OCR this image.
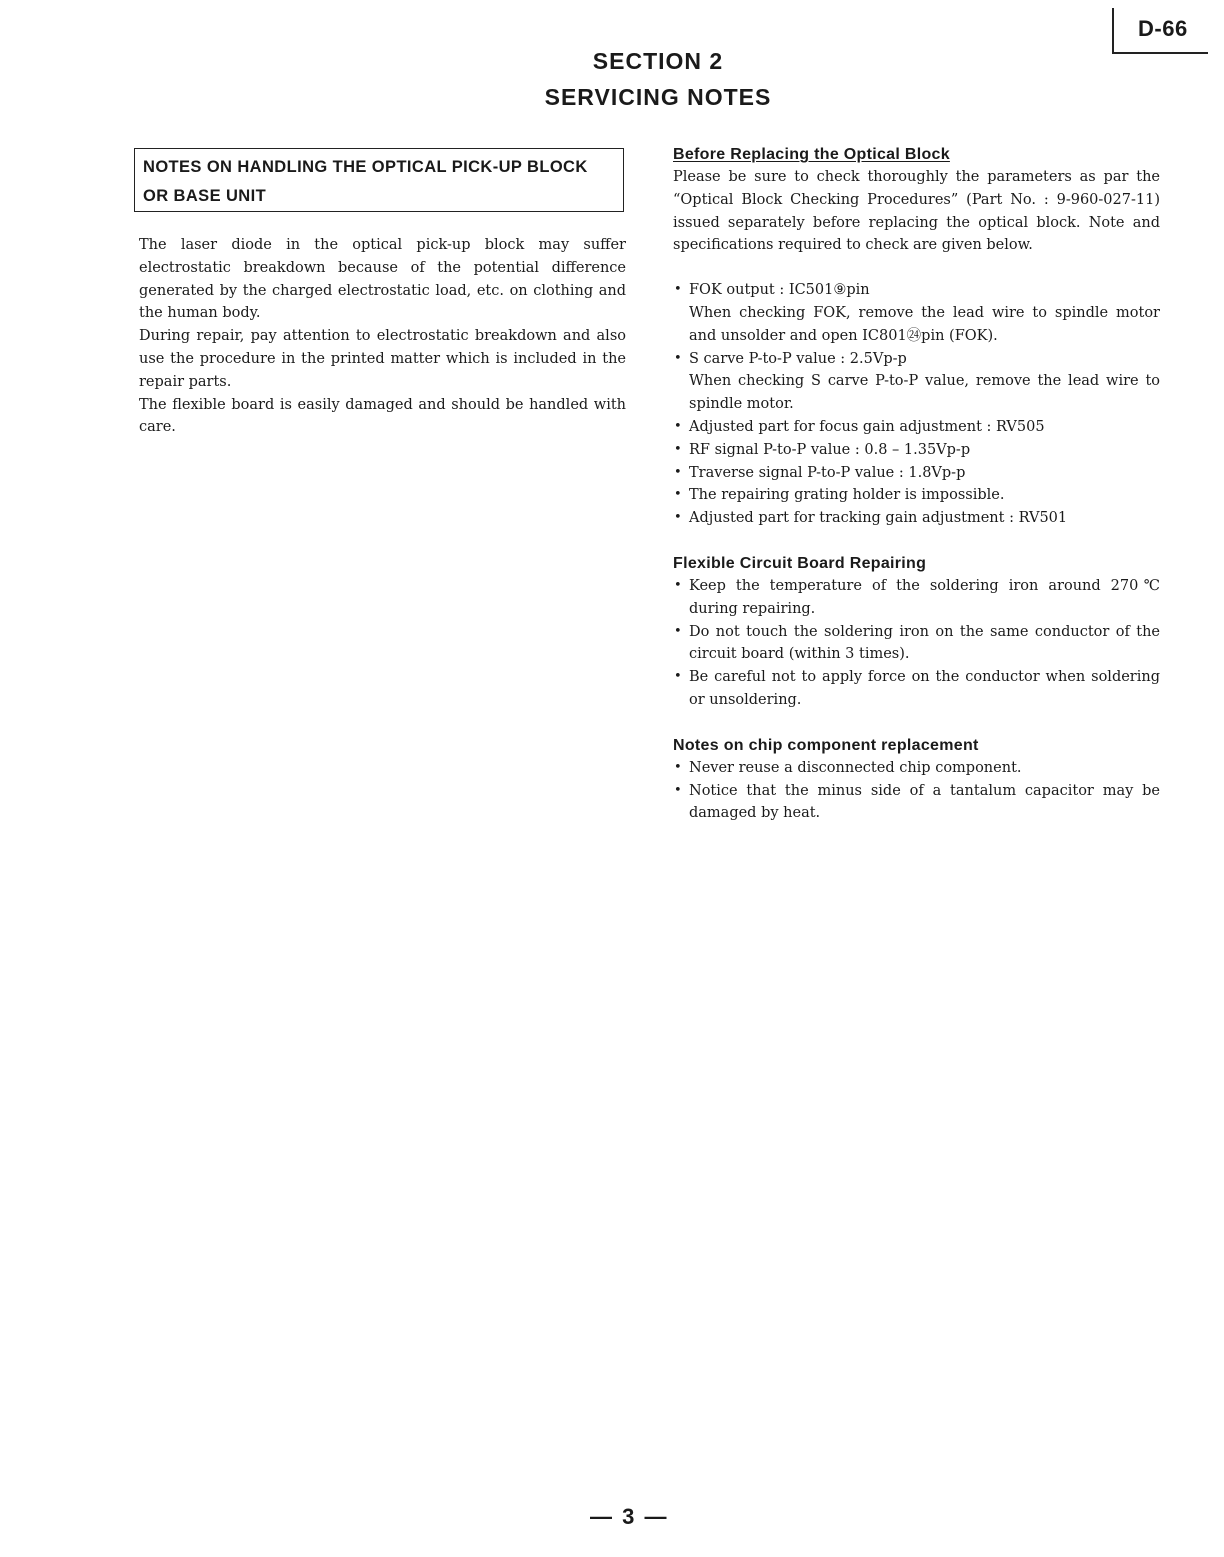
D-66
SECTION 2
SERVICING NOTES
NOTES ON HANDLING THE OPTICAL PICK-UP BLOCK
OR BASE UNIT

The laser diode in the optical pick-up block may suffer electrostatic breakdown because of the potential difference generated by the charged electrostatic load, etc. on clothing and the human body.

During repair, pay attention to electrostatic breakdown and also use the procedure in the printed matter which is included in the repair parts.

The flexible board is easily damaged and should be handled with care.

Before Replacing the Optical Block

Please be sure to check thoroughly the parameters as par the “Optical Block Checking Procedures” (Part No. : 9-960-027-11) issued separately before replacing the optical block. Note and specifications required to check are given below.

• FOK output : IC501⑨pin
When checking FOK, remove the lead wire to spindle motor and unsolder and open IC801㉔pin (FOK).
• S carve P-to-P value : 2.5Vp-p
When checking S carve P-to-P value, remove the lead wire to spindle motor.
• Adjusted part for focus gain adjustment : RV505
• RF signal P-to-P value : 0.8 – 1.35Vp-p
• Traverse signal P-to-P value : 1.8Vp-p
• The repairing grating holder is impossible.
• Adjusted part for tracking gain adjustment : RV501
Flexible Circuit Board Repairing
• Keep the temperature of the soldering iron around 270℃ during repairing.
• Do not touch the soldering iron on the same conductor of the circuit board (within 3 times).
• Be careful not to apply force on the conductor when soldering or unsoldering.
Notes on chip component replacement
• Never reuse a disconnected chip component.
• Notice that the minus side of a tantalum capacitor may be damaged by heat.
— 3 —
